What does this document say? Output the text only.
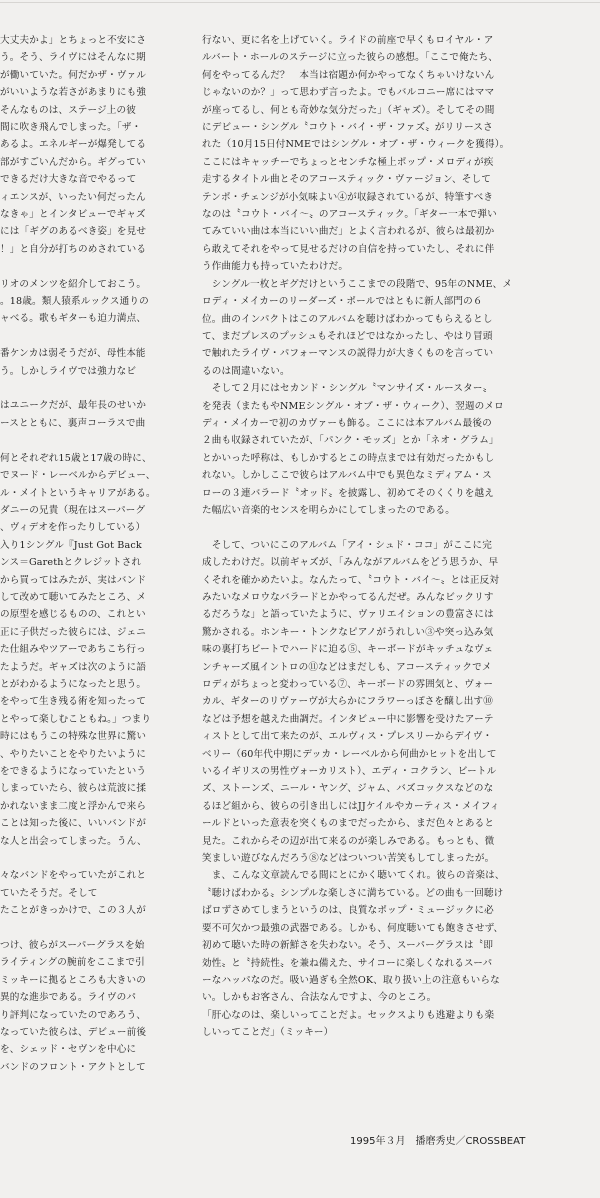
大丈夫かよ」とちょっと不安にさ

う。そう、ライヴにはそんなに期

が働いていた。何だかザ・ヴァル

がいいような若さがあまりにも強

そんなものは、ステージ上の彼

間に吹き飛んでしまった。「ザ・

あるよ。エネルギーが爆発してる

部がすごいんだから。ギグってい

できるだけ大きな音でやるって

ィエンスが、いったい何だったん

なきゃ」とインタビューでギャズ

には「ギグのあるべき姿」を見せ

！」と自分が打ちのめされている

リオのメンツを紹介しておこう。

。18歳。類人猿系ルックス通りの

ャべる。歌もギターも迫力満点、

番ケンカは弱そうだが、母性本能

う。しかしライヴでは強力なビ

はユニークだが、最年長のせいか

ースとともに、裏声コーラスで曲

何とそれぞれ15歳と17歳の時に、

でヌード・レーベルからデビュー、

ル・メイトというキャリアがある。

ダニーの兄貴（現在はスーパーグ

、ヴィデオを作ったりしている）

入り1シングル『Just Got Back

ンス＝Garethとクレジットされ

から買ってはみたが、実はバンド

して改めて聴いてみたところ、メ

の原型を感じるものの、これとい

正に子供だった彼らには、ジェニ

た仕組みやツアーであちこち行っ

たようだ。ギャズは次のように語

とがわかるようになったと思う。

をやって生き残る術を知ったって

とやって楽しむこともね。」つまり

時にはもうこの特殊な世界に驚い

、やりたいことをやりたいように

をできるようになっていたという

しまっていたら、彼らは荒波に揉

かれないまま二度と浮かんで来ら

ことは知った後に、いいバンドが

な人と出会ってしまった。うん、

々なバンドをやっていたがこれと

ていたそうだ。そして

たことがきっかけで、この３人が

つけ、彼らがスーパーグラスを始

ライティングの腕前をここまで引

ミッキーに拠るところも大きいの

異的な進歩である。ライヴのパ

り評判になっていたのであろう、

なっていた彼らは、デビュー前後

を、シェッド・セヴンを中心に

バンドのフロント・アクトとして

行ない、更に名を上げていく。ライドの前座で早くもロイヤル・ア

ルバート・ホールのステージに立った彼らの感想。「ここで俺たち、

何をやってるんだ？　本当は宿題か何かやってなくちゃいけないん

じゃないのか？」って思わず言ったよ。でもバルコニー席にはママ

が座ってるし、何とも奇妙な気分だった」（ギャズ）。そしてその間

にデビュー・シングル〝コウト・バイ・ザ・ファズ〟がリリースさ

れた（10月15日付NMEではシングル・オブ・ザ・ウィークを獲得）。

ここにはキャッチーでちょっとセンチな極上ポップ・メロディが疾

走するタイトル曲とそのアコースティック・ヴァージョン、そして

テンポ・チェンジが小気味よい④が収録されているが、特筆すべき

なのは〝コウト・バイ〜〟のアコースティック。「ギター一本で弾い

てみていい曲は本当にいい曲だ」とよく言われるが、彼らは最初か

ら敢えてそれをやって見せるだけの自信を持っていたし、それに伴

う作曲能力も持っていたわけだ。

　シングル一枚とギグだけというここまでの段階で、95年のNME、メ

ロディ・メイカーのリーダーズ・ポールではともに新人部門の６

位。曲のインパクトはこのアルバムを聴けばわかってもらえるとし

て、まだプレスのプッシュもそれほどではなかったし、やはり冒頭

で触れたライヴ・パフォーマンスの説得力が大きくものを言ってい

るのは間違いない。

　そして２月にはセカンド・シングル〝マンサイズ・ルースター〟

を発表（またもやNMEシングル・オブ・ザ・ウィーク）、翌週のメロ

ディ・メイカーで初のカヴァーも飾る。ここには本アルバム最後の

２曲も収録されていたが、「パンク・モッズ」とか「ネオ・グラム」

とかいった呼称は、もしかするとこの時点までは有効だったかもし

れない。しかしここで彼らはアルバム中でも異色なミディアム・ス

ローの３連バラード〝オッド〟を披露し、初めてそのくくりを越え

た幅広い音楽的センスを明らかにしてしまったのである。

　そして、ついにこのアルバム「アイ・シュド・ココ」がここに完

成したわけだ。以前ギャズが、「みんながアルバムをどう思うか、早

くそれを確かめたいよ。なんたって、〝コウト・バイ〜〟とは正反対

みたいなメロウなバラードとかやってるんだぜ。みんなビックリす

るだろうな」と語っていたように、ヴァリエイションの豊富さには

驚かされる。ホンキー・トンクなピアノがうれしい③や突っ込み気

味の裏打ちビートでハードに迫る⑤、キーボードがキッチュなヴェ

ンチャーズ風イントロの⑪などはまだしも、アコースティックでメ

ロディがちょっと変わっている⑦、キーボードの雰囲気と、ヴォー

カル、ギターのリヴァーヴが大らかにフラワーっぽさを醸し出す⑩

などは予想を越えた曲調だ。インタビュー中に影響を受けたアーテ

ィストとして出て来たのが、エルヴィス・プレスリーからデイヴ・

ベリー（60年代中期にデッカ・レーベルから何曲かヒットを出して

いるイギリスの男性ヴォーカリスト）、エディ・コクラン、ビートル

ズ、ストーンズ、ニール・ヤング、ジャム、バズコックスなどのな

るほど組から、彼らの引き出しにはJJケイルやカーティス・メイフィ

ールドといった意表を突くものまでだったから、まだ色々とあると

見た。これからその辺が出て来るのが楽しみである。もっとも、微

笑ましい遊びなんだろう⑧などはついつい苦笑もしてしまったが。

　ま、こんな文章読んでる間にとにかく聴いてくれ。彼らの音楽は、

〝聴けばわかる〟シンプルな楽しさに満ちている。どの曲も一回聴け

ばロずさめてしまうというのは、良質なポップ・ミュージックに必

要不可欠かつ最強の武器である。しかも、何度聴いても飽きさせず、

初めて聴いた時の新鮮さを失わない。そう、スーパーグラスは〝即

効性〟と〝持続性〟を兼ね備えた、サイコーに楽しくなれるスーパ

ーなハッパなのだ。吸い過ぎも全然OK、取り扱い上の注意もいらな

い。しかもお客さん、合法なんですよ、今のところ。

「肝心なのは、楽しいってことだよ。セックスよりも逃避よりも楽

しいってことだ」（ミッキー）

1995年３月　播磨秀史／CROSSBEAT
